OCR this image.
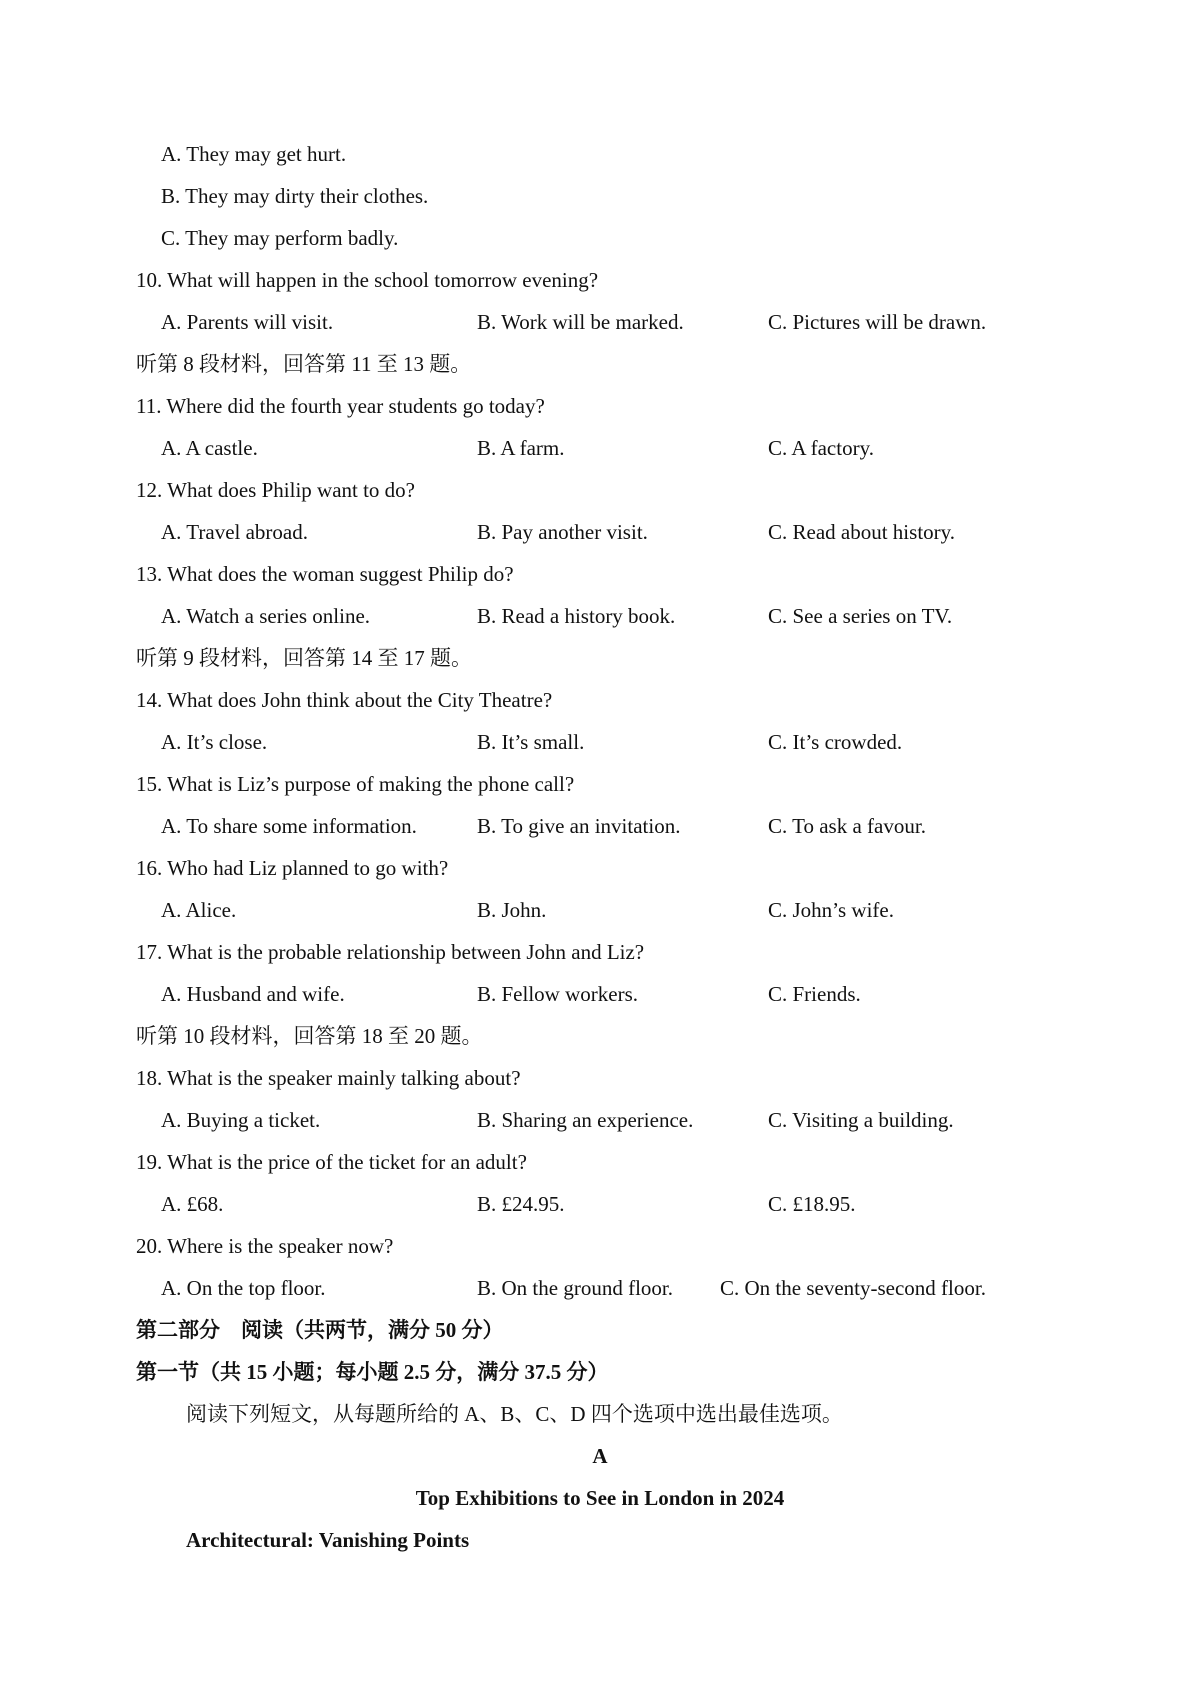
A. They may get hurt.
B. They may dirty their clothes.
C. They may perform badly.
10. What will happen in the school tomorrow evening?
A. Parents will visit.	B. Work will be marked.	C. Pictures will be drawn.
听第 8 段材料，回答第 11 至 13 题。
11. Where did the fourth year students go today?
A. A castle.	B. A farm.	C. A factory.
12. What does Philip want to do?
A. Travel abroad.	B. Pay another visit.	C. Read about history.
13. What does the woman suggest Philip do?
A. Watch a series online.	B. Read a history book.	C. See a series on TV.
听第 9 段材料，回答第 14 至 17 题。
14. What does John think about the City Theatre?
A. It’s close.	B. It’s small.	C. It’s crowded.
15. What is Liz’s purpose of making the phone call?
A. To share some information.	B. To give an invitation.	C. To ask a favour.
16. Who had Liz planned to go with?
A. Alice.	B. John.	C. John’s wife.
17. What is the probable relationship between John and Liz?
A. Husband and wife.	B. Fellow workers.	C. Friends.
听第 10 段材料，回答第 18 至 20 题。
18. What is the speaker mainly talking about?
A. Buying a ticket.	B. Sharing an experience.	C. Visiting a building.
19. What is the price of the ticket for an adult?
A. £68.	B. £24.95.	C. £18.95.
20. Where is the speaker now?
A. On the top floor.	B. On the ground floor. C. On the seventy-second floor.
第二部分　阅读（共两节，满分 50 分）
第一节（共 15 小题；每小题 2.5 分，满分 37.5 分）
阅读下列短文，从每题所给的 A、B、C、D 四个选项中选出最佳选项。
A
Top Exhibitions to See in London in 2024
Architectural: Vanishing Points
